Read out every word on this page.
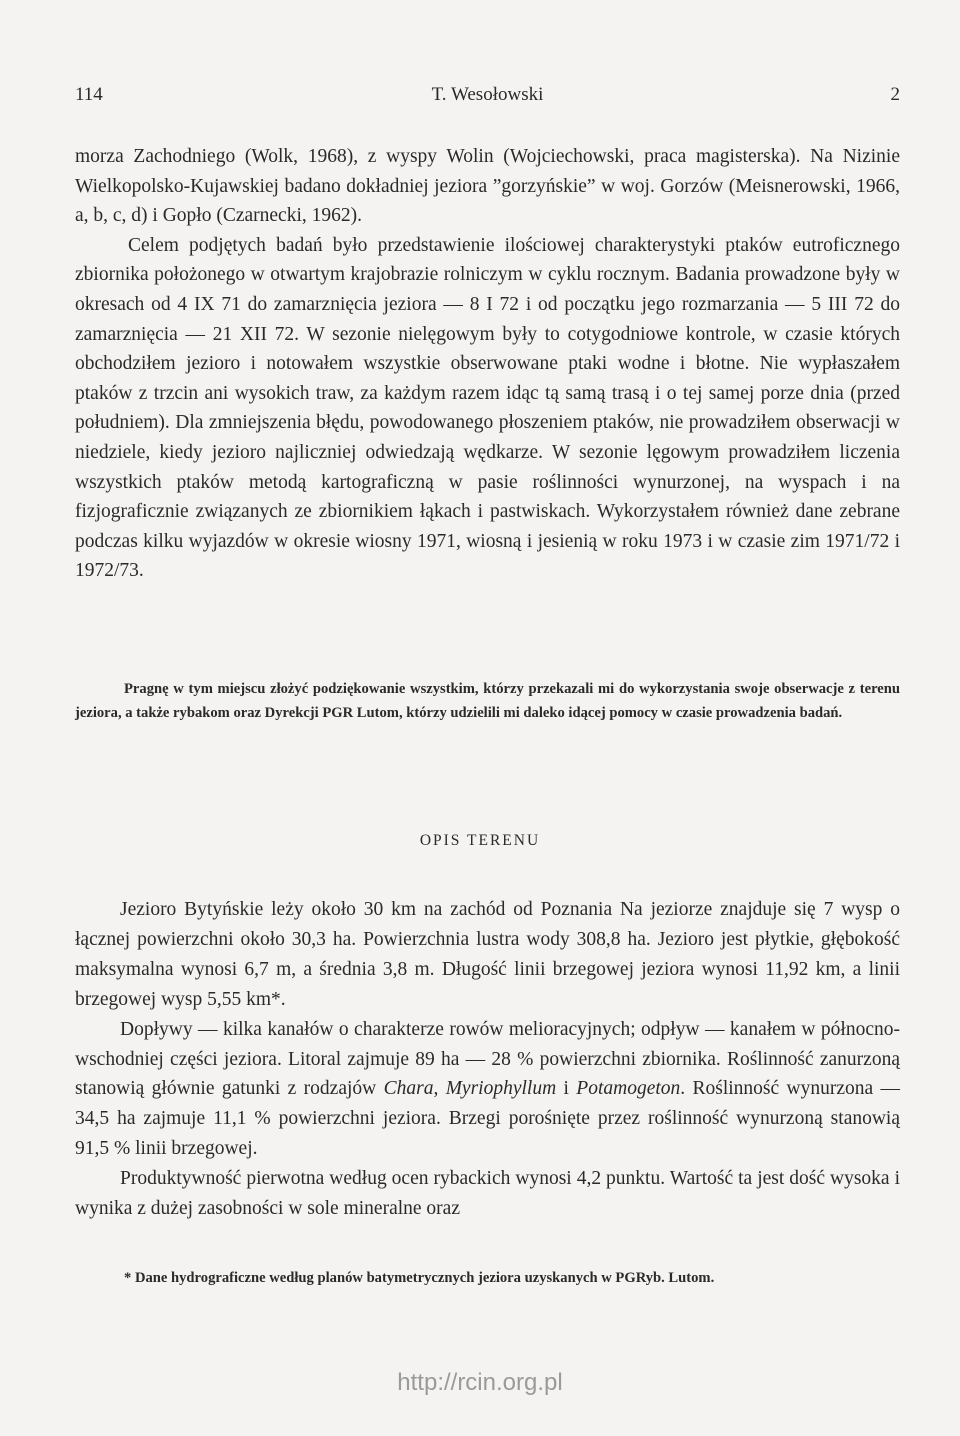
114	T. Wesołowski	2

morza Zachodniego (Wolk, 1968), z wyspy Wolin (Wojciechowski, praca magisterska). Na Nizinie Wielkopolsko-Kujawskiej badano dokładniej jeziora ”gorzyńskie” w woj. Gorzów (Meisnerowski, 1966, a, b, c, d) i Gopło (Czarnecki, 1962).

Celem podjętych badań było przedstawienie ilościowej charakterystyki ptaków eutroficznego zbiornika położonego w otwartym krajobrazie rolniczym w cyklu rocznym. Badania prowadzone były w okresach od 4 IX 71 do zamarznięcia jeziora — 8 I 72 i od początku jego rozmarzania — 5 III 72 do zamarznięcia — 21 XII 72. W sezonie nielęgowym były to cotygodniowe kontrole, w czasie których obchodziłem jezioro i notowałem wszystkie obserwowane ptaki wodne i błotne. Nie wypłaszałem ptaków z trzcin ani wysokich traw, za każdym razem idąc tą samą trasą i o tej samej porze dnia (przed południem). Dla zmniejszenia błędu, powodowanego płoszeniem ptaków, nie prowadziłem obserwacji w niedziele, kiedy jezioro najliczniej odwiedzają wędkarze. W sezonie lęgowym prowadziłem liczenia wszystkich ptaków metodą kartograficzną w pasie roślinności wynurzonej, na wyspach i na fizjograficznie związanych ze zbiornikiem łąkach i pastwiskach. Wykorzystałem również dane zebrane podczas kilku wyjazdów w okresie wiosny 1971, wiosną i jesienią w roku 1973 i w czasie zim 1971/72 i 1972/73.

Pragnę w tym miejscu złożyć podziękowanie wszystkim, którzy przekazali mi do wykorzystania swoje obserwacje z terenu jeziora, a także rybakom oraz Dyrekcji PGR Lutom, którzy udzielili mi daleko idącej pomocy w czasie prowadzenia badań.

OPIS TERENU

Jezioro Bytyńskie leży około 30 km na zachód od Poznania Na jeziorze znajduje się 7 wysp o łącznej powierzchni około 30,3 ha. Powierzchnia lustra wody 308,8 ha. Jezioro jest płytkie, głębokość maksymalna wynosi 6,7 m, a średnia 3,8 m. Długość linii brzegowej jeziora wynosi 11,92 km, a linii brzegowej wysp 5,55 km*.

Dopływy — kilka kanałów o charakterze rowów melioracyjnych; odpływ — kanałem w północno-wschodniej części jeziora. Litoral zajmuje 89 ha — 28 % powierzchni zbiornika. Roślinność zanurzoną stanowią głównie gatunki z rodzajów Chara, Myriophyllum i Potamogeton. Roślinność wynurzona — 34,5 ha zajmuje 11,1 % powierzchni jeziora. Brzegi porośnięte przez roślinność wynurzoną stanowią 91,5 % linii brzegowej.

Produktywność pierwotna według ocen rybackich wynosi 4,2 punktu. Wartość ta jest dość wysoka i wynika z dużej zasobności w sole mineralne oraz

* Dane hydrograficzne według planów batymetrycznych jeziora uzyskanych w PGRyb. Lutom.

http://rcin.org.pl
